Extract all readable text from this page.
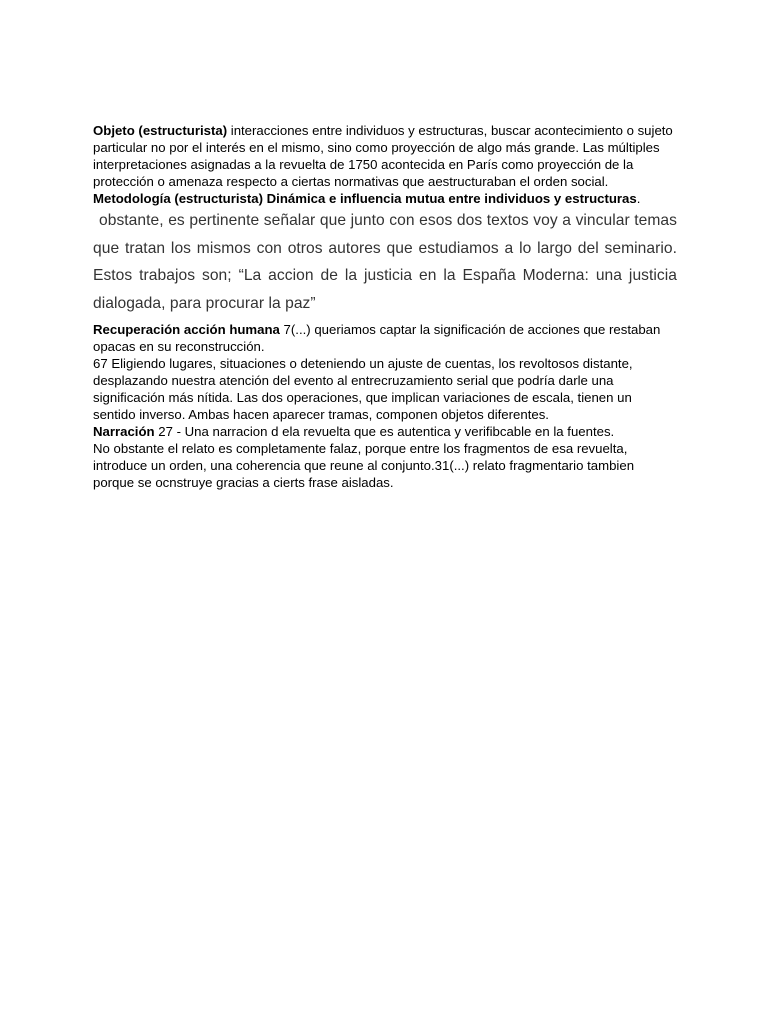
Objeto (estructurista) interacciones entre individuos y estructuras, buscar acontecimiento o sujeto particular no por el interés en el mismo, sino como proyección de algo más grande. Las múltiples interpretaciones asignadas a la revuelta de 1750 acontecida en París como proyección de la protección o amenaza respecto a ciertas normativas que aestructuraban el orden social.

Metodología (estructurista) Dinámica e influencia mutua entre individuos y estructuras.

obstante, es pertinente señalar que junto con esos dos textos voy a vincular temas que tratan los mismos con otros autores que estudiamos a lo largo del seminario. Estos trabajos son; “La accion de la justicia en la España Moderna: una justicia dialogada, para procurar la paz”

Recuperación acción humana 7(...) queriamos captar la significación de acciones que restaban opacas en su reconstrucción.

67 Eligiendo lugares, situaciones o deteniendo un ajuste de cuentas, los revoltosos distante, desplazando nuestra atención del evento al entrecruzamiento serial que podría darle una significación más nítida. Las dos operaciones, que implican variaciones de escala, tienen un sentido inverso. Ambas hacen aparecer tramas, componen objetos diferentes.

Narración 27 - Una narracion d ela revuelta que es autentica y verifibcable en la fuentes.

No obstante el relato es completamente falaz, porque entre los fragmentos de esa revuelta, introduce un orden, una coherencia que reune al conjunto.31(...) relato fragmentario tambien porque se ocnstruye gracias a cierts frase aisladas.
